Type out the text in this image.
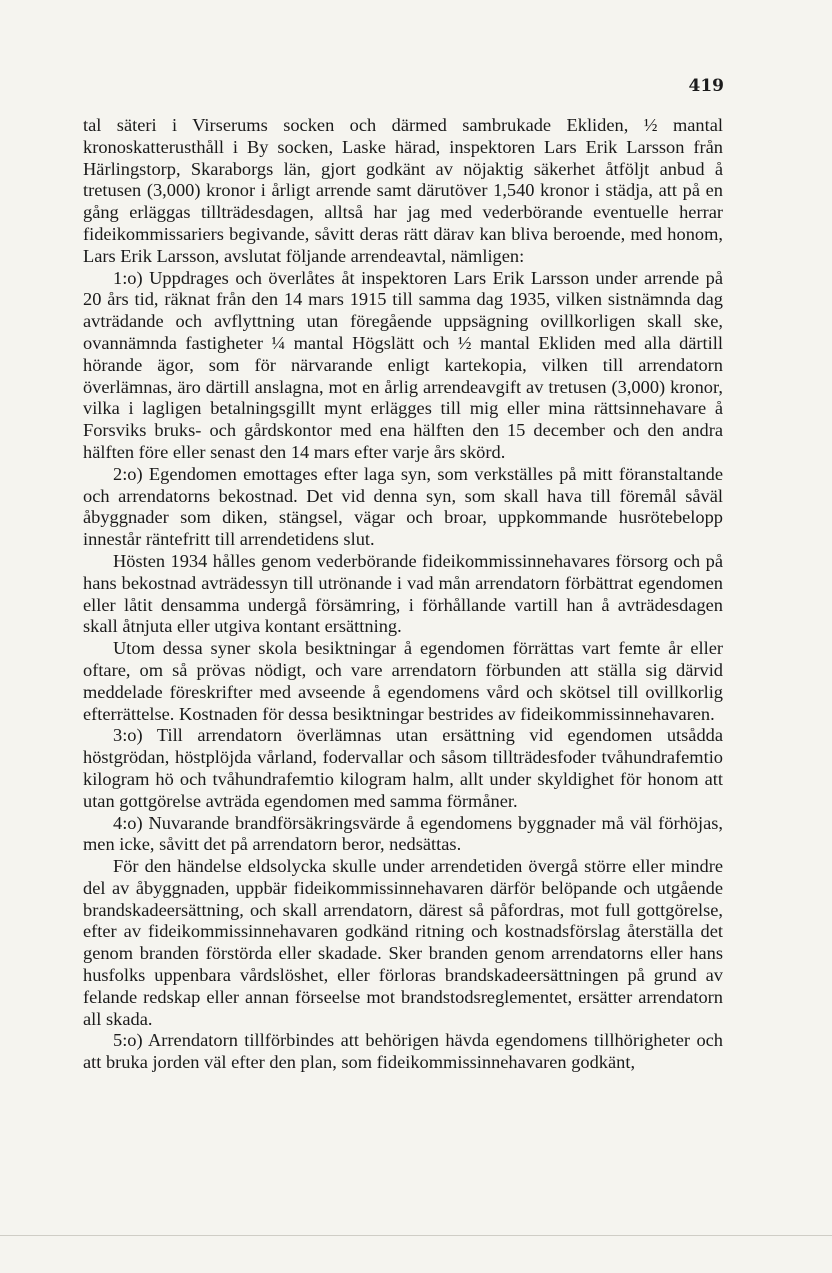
419

tal säteri i Virserums socken och därmed sambrukade Ekliden, ½ mantal kronoskatterusthåll i By socken, Laske härad, inspektoren Lars Erik Larsson från Härlingstorp, Skaraborgs län, gjort godkänt av nöjaktig säkerhet åtföljt anbud å tretusen (3,000) kronor i årligt arrende samt därutöver 1,540 kronor i städja, att på en gång erläggas tillträdesdagen, alltså har jag med vederbörande eventuelle herrar fideikommissariers begivande, såvitt deras rätt därav kan bliva beroende, med honom, Lars Erik Larsson, avslutat följande arrendeavtal, nämligen:

1:o) Uppdrages och överlåtes åt inspektoren Lars Erik Larsson under arrende på 20 års tid, räknat från den 14 mars 1915 till samma dag 1935, vilken sistnämnda dag avträdande och avflyttning utan föregående uppsägning ovillkorligen skall ske, ovannämnda fastigheter ¼ mantal Högslätt och ½ mantal Ekliden med alla därtill hörande ägor, som för närvarande enligt kartekopia, vilken till arrendatorn överlämnas, äro därtill anslagna, mot en årlig arrendeavgift av tretusen (3,000) kronor, vilka i lagligen betalningsgillt mynt erlägges till mig eller mina rättsinnehavare å Forsviks bruks- och gårdskontor med ena hälften den 15 december och den andra hälften före eller senast den 14 mars efter varje års skörd.

2:o) Egendomen emottages efter laga syn, som verkställes på mitt föranstaltande och arrendatorns bekostnad. Det vid denna syn, som skall hava till föremål såväl åbyggnader som diken, stängsel, vägar och broar, uppkommande husrötebelopp innestår räntefritt till arrendetidens slut.

Hösten 1934 hålles genom vederbörande fideikommissinnehavares försorg och på hans bekostnad avträdessyn till utrönande i vad mån arrendatorn förbättrat egendomen eller låtit densamma undergå försämring, i förhållande vartill han å avträdesdagen skall åtnjuta eller utgiva kontant ersättning.

Utom dessa syner skola besiktningar å egendomen förrättas vart femte år eller oftare, om så prövas nödigt, och vare arrendatorn förbunden att ställa sig därvid meddelade föreskrifter med avseende å egendomens vård och skötsel till ovillkorlig efterrättelse. Kostnaden för dessa besiktningar bestrides av fideikommissinnehavaren.

3:o) Till arrendatorn överlämnas utan ersättning vid egendomen utsådda höstgrödan, höstplöjda vårland, fodervallar och såsom tillträdesfoder tvåhundrafemtio kilogram hö och tvåhundrafemtio kilogram halm, allt under skyldighet för honom att utan gottgörelse avträda egendomen med samma förmåner.

4:o) Nuvarande brandförsäkringsvärde å egendomens byggnader må väl förhöjas, men icke, såvitt det på arrendatorn beror, nedsättas.

För den händelse eldsolycka skulle under arrendetiden övergå större eller mindre del av åbyggnaden, uppbär fideikommissinnehavaren därför belöpande och utgående brandskadeersättning, och skall arrendatorn, därest så påfordras, mot full gottgörelse, efter av fideikommissinnehavaren godkänd ritning och kostnadsförslag återställa det genom branden förstörda eller skadade. Sker branden genom arrendatorns eller hans husfolks uppenbara vårdslöshet, eller förloras brandskadeersättningen på grund av felande redskap eller annan förseelse mot brandstodsreglementet, ersätter arrendatorn all skada.

5:o) Arrendatorn tillförbindes att behörigen hävda egendomens tillhörigheter och att bruka jorden väl efter den plan, som fideikommissinnehavaren godkänt,
